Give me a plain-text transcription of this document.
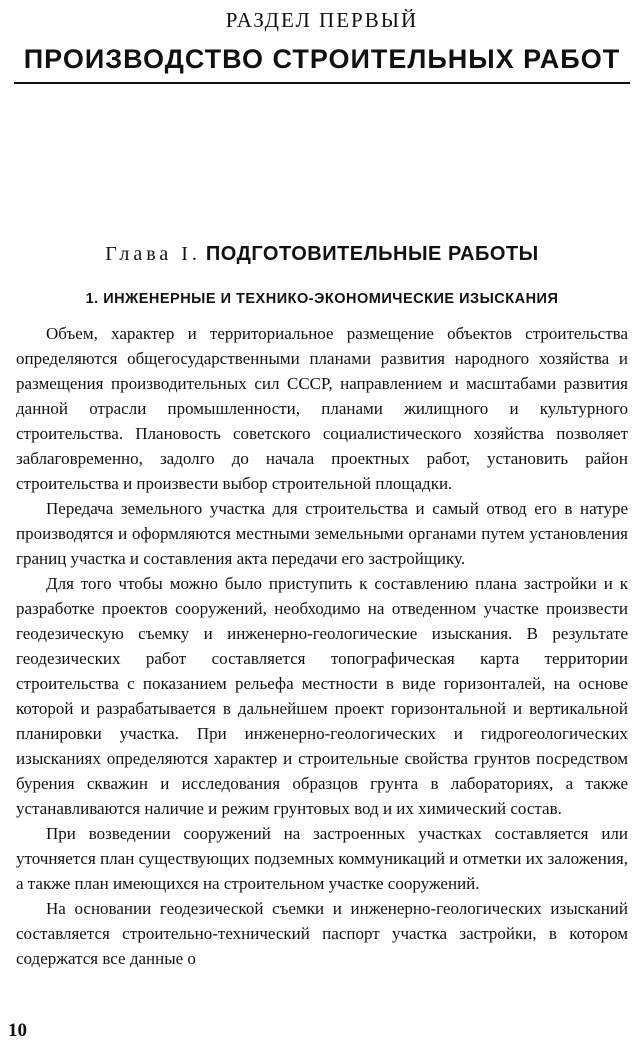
РАЗДЕЛ ПЕРВЫЙ
ПРОИЗВОДСТВО СТРОИТЕЛЬНЫХ РАБОТ
Глава I. ПОДГОТОВИТЕЛЬНЫЕ РАБОТЫ
1. ИНЖЕНЕРНЫЕ И ТЕХНИКО-ЭКОНОМИЧЕСКИЕ ИЗЫСКАНИЯ

Объем, характер и территориальное размещение объектов строительства определяются общегосударственными планами развития народного хозяйства и размещения производительных сил СССР, направлением и масштабами развития данной отрасли промышленности, планами жилищного и культурного строительства. Плановость советского социалистического хозяйства позволяет заблаговременно, задолго до начала проектных работ, установить район строительства и произвести выбор строительной площадки.

Передача земельного участка для строительства и самый отвод его в натуре производятся и оформляются местными земельными органами путем установления границ участка и составления акта передачи его застройщику.

Для того чтобы можно было приступить к составлению плана застройки и к разработке проектов сооружений, необходимо на отведенном участке произвести геодезическую съемку и инженерно-геологические изыскания. В результате геодезических работ составляется топографическая карта территории строительства с показанием рельефа местности в виде горизонталей, на основе которой и разрабатывается в дальнейшем проект горизонтальной и вертикальной планировки участка. При инженерно-геологических и гидрогеологических изысканиях определяются характер и строительные свойства грунтов посредством бурения скважин и исследования образцов грунта в лабораториях, а также устанавливаются наличие и режим грунтовых вод и их химический состав.

При возведении сооружений на застроенных участках составляется или уточняется план существующих подземных коммуникаций и отметки их заложения, а также план имеющихся на строительном участке сооружений.

На основании геодезической съемки и инженерно-геологических изысканий составляется строительно-технический паспорт участка застройки, в котором содержатся все данные о

10
